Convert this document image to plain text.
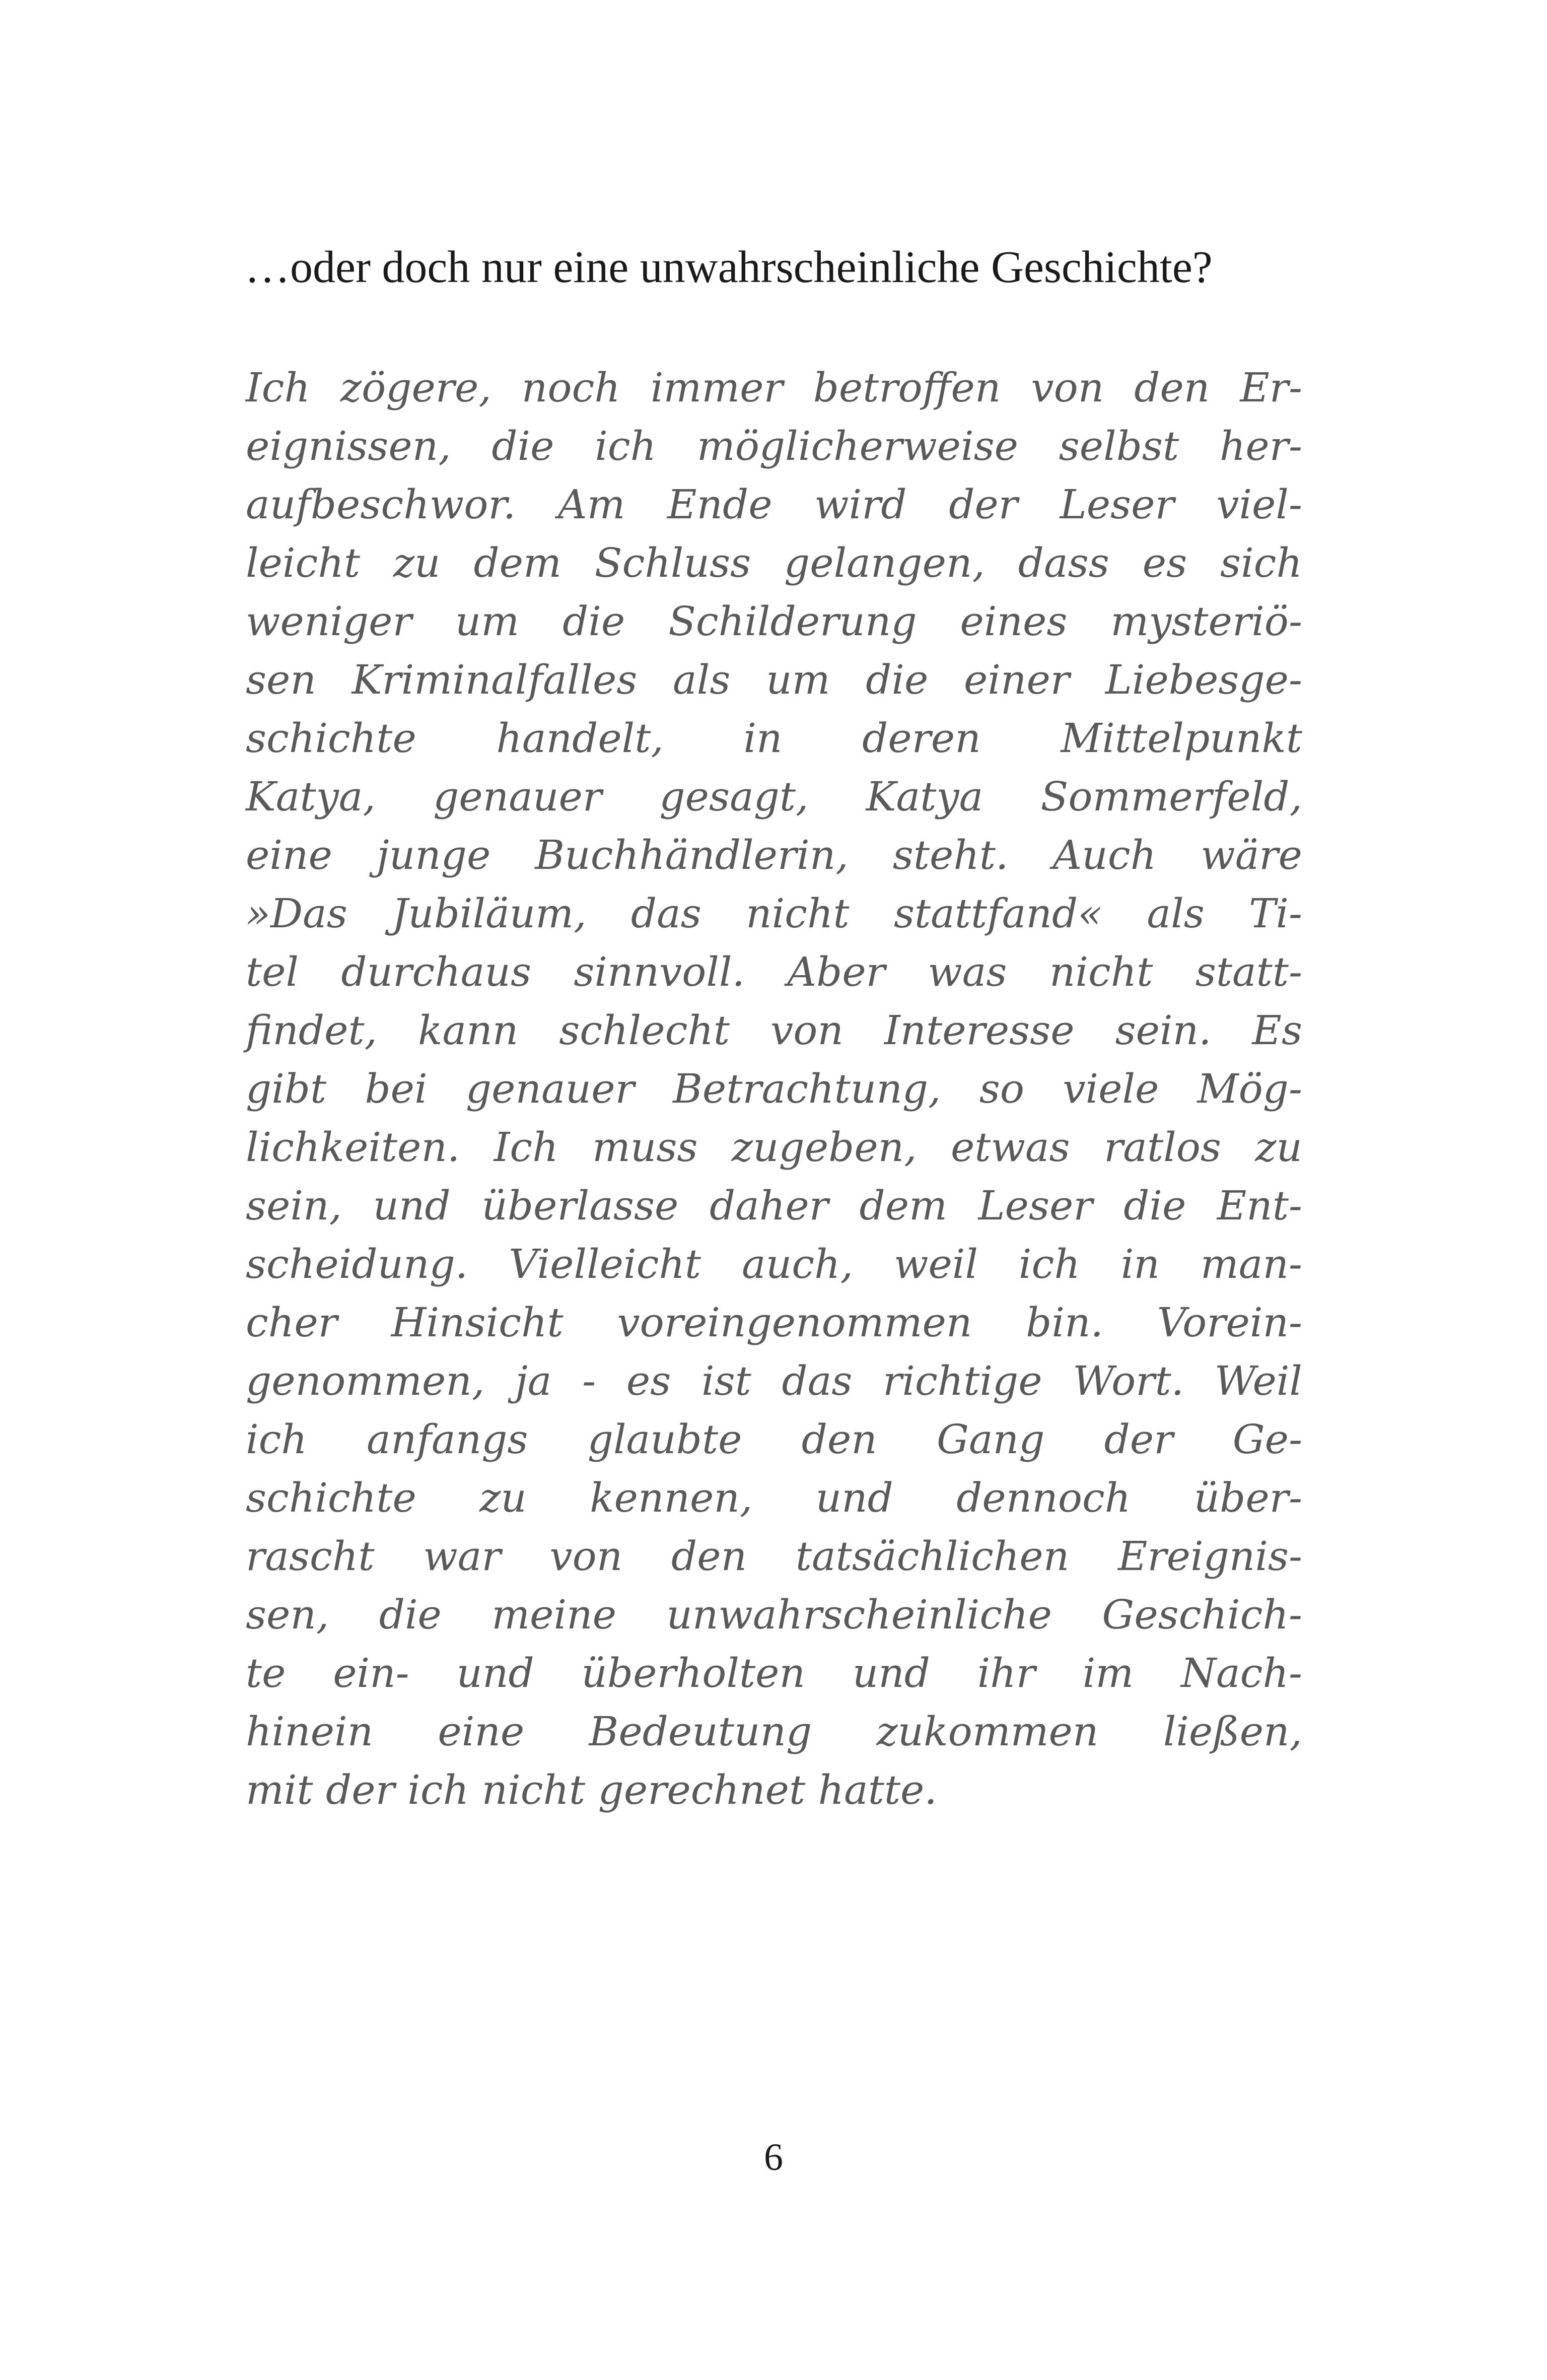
…oder doch nur eine unwahrscheinliche Geschichte?
Ich zögere, noch immer betroffen von den Er-
eignissen, die ich möglicherweise selbst her-
aufbeschwor. Am Ende wird der Leser viel-
leicht zu dem Schluss gelangen, dass es sich
weniger um die Schilderung eines mysteriö-
sen Kriminalfalles als um die einer Liebesge-
schichte handelt, in deren Mittelpunkt
Katya, genauer gesagt, Katya Sommerfeld,
eine junge Buchhändlerin, steht. Auch wäre
»Das Jubiläum, das nicht stattfand« als Ti-
tel durchaus sinnvoll. Aber was nicht statt-
findet, kann schlecht von Interesse sein. Es
gibt bei genauer Betrachtung, so viele Mög-
lichkeiten. Ich muss zugeben, etwas ratlos zu
sein, und überlasse daher dem Leser die Ent-
scheidung. Vielleicht auch, weil ich in man-
cher Hinsicht voreingenommen bin. Vorein-
genommen, ja - es ist das richtige Wort. Weil
ich anfangs glaubte den Gang der Ge-
schichte zu kennen, und dennoch über-
rascht war von den tatsächlichen Ereignis-
sen, die meine unwahrscheinliche Geschich-
te ein- und überholten und ihr im Nach-
hinein eine Bedeutung zukommen ließen,
mit der ich nicht gerechnet hatte.
6
